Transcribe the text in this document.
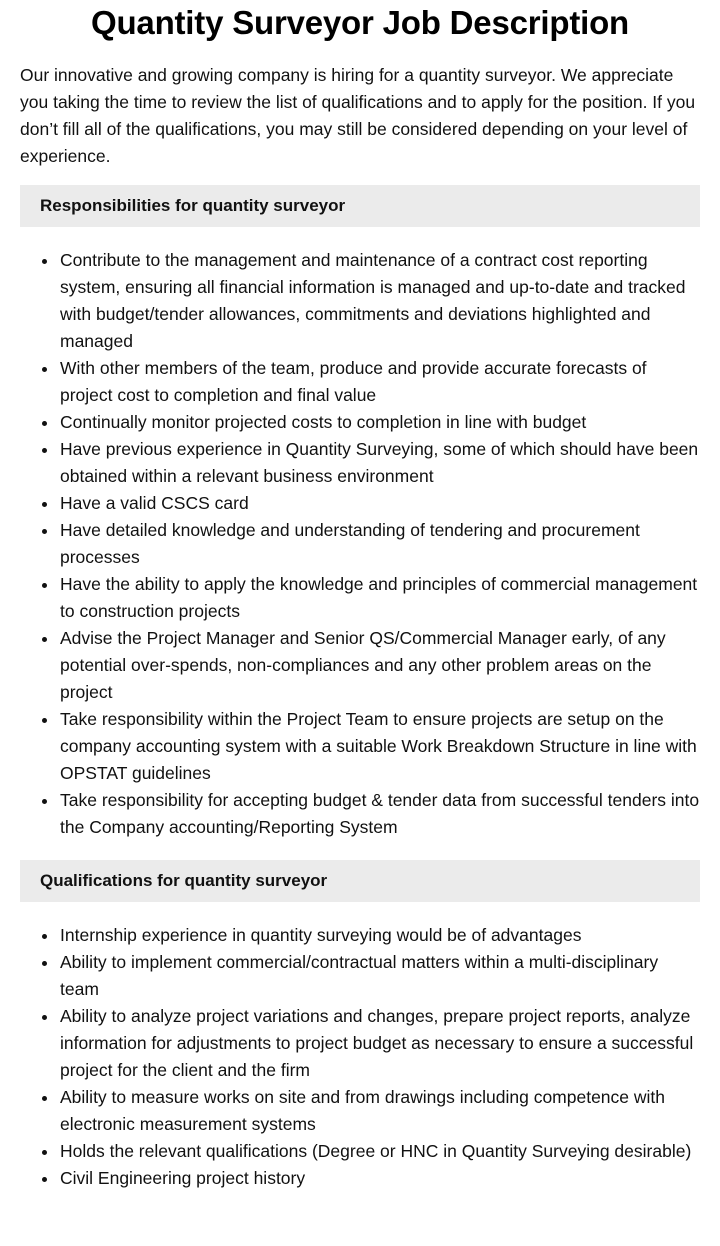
Quantity Surveyor Job Description

Our innovative and growing company is hiring for a quantity surveyor. We appreciate you taking the time to review the list of qualifications and to apply for the position. If you don’t fill all of the qualifications, you may still be considered depending on your level of experience.

Responsibilities for quantity surveyor
Contribute to the management and maintenance of a contract cost reporting system, ensuring all financial information is managed and up-to-date and tracked with budget/tender allowances, commitments and deviations highlighted and managed
With other members of the team, produce and provide accurate forecasts of project cost to completion and final value
Continually monitor projected costs to completion in line with budget
Have previous experience in Quantity Surveying, some of which should have been obtained within a relevant business environment
Have a valid CSCS card
Have detailed knowledge and understanding of tendering and procurement processes
Have the ability to apply the knowledge and principles of commercial management to construction projects
Advise the Project Manager and Senior QS/Commercial Manager early, of any potential over-spends, non-compliances and any other problem areas on the project
Take responsibility within the Project Team to ensure projects are setup on the company accounting system with a suitable Work Breakdown Structure in line with OPSTAT guidelines
Take responsibility for accepting budget & tender data from successful tenders into the Company accounting/Reporting System
Qualifications for quantity surveyor
Internship experience in quantity surveying would be of advantages
Ability to implement commercial/contractual matters within a multi-disciplinary team
Ability to analyze project variations and changes, prepare project reports, analyze information for adjustments to project budget as necessary to ensure a successful project for the client and the firm
Ability to measure works on site and from drawings including competence with electronic measurement systems
Holds the relevant qualifications (Degree or HNC in Quantity Surveying desirable)
Civil Engineering project history
